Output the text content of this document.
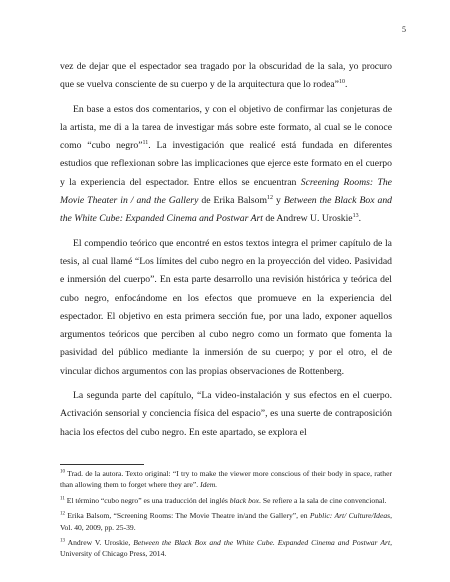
5

vez de dejar que el espectador sea tragado por la obscuridad de la sala, yo procuro que se vuelva consciente de su cuerpo y de la arquitectura que lo rodea”$^{10}$.

En base a estos dos comentarios, y con el objetivo de confirmar las conjeturas de la artista, me di a la tarea de investigar más sobre este formato, al cual se le conoce como “cubo negro”$^{11}$. La investigación que realicé está fundada en diferentes estudios que reflexionan sobre las implicaciones que ejerce este formato en el cuerpo y la experiencia del espectador. Entre ellos se encuentran Screening Rooms: The Movie Theater in / and the Gallery de Erika Balsom$^{12}$ y Between the Black Box and the White Cube: Expanded Cinema and Postwar Art de Andrew U. Uroskie$^{13}$.

El compendio teórico que encontré en estos textos integra el primer capítulo de la tesis, al cual llamé “Los límites del cubo negro en la proyección del video. Pasividad e inmersión del cuerpo”. En esta parte desarrollo una revisión histórica y teórica del cubo negro, enfocándome en los efectos que promueve en la experiencia del espectador. El objetivo en esta primera sección fue, por una lado, exponer aquellos argumentos teóricos que perciben al cubo negro como un formato que fomenta la pasividad del público mediante la inmersión de su cuerpo; y por el otro, el de vincular dichos argumentos con las propias observaciones de Rottenberg.

La segunda parte del capítulo, “La video-instalación y sus efectos en el cuerpo. Activación sensorial y conciencia física del espacio”, es una suerte de contraposición hacia los efectos del cubo negro. En este apartado, se explora el

$^{10}$ Trad. de la autora. Texto original: “I try to make the viewer more conscious of their body in space, rather than allowing them to forget where they are”. Idem.
$^{11}$ El término “cubo negro” es una traducción del inglés black box. Se refiere a la sala de cine convencional.
$^{12}$ Erika Balsom, “Screening Rooms: The Movie Theatre in/and the Gallery”, en Public: Art/ Culture/Ideas, Vol. 40, 2009, pp. 25-39.
$^{13}$ Andrew V. Uroskie, Between the Black Box and the White Cube. Expanded Cinema and Postwar Art, University of Chicago Press, 2014.
